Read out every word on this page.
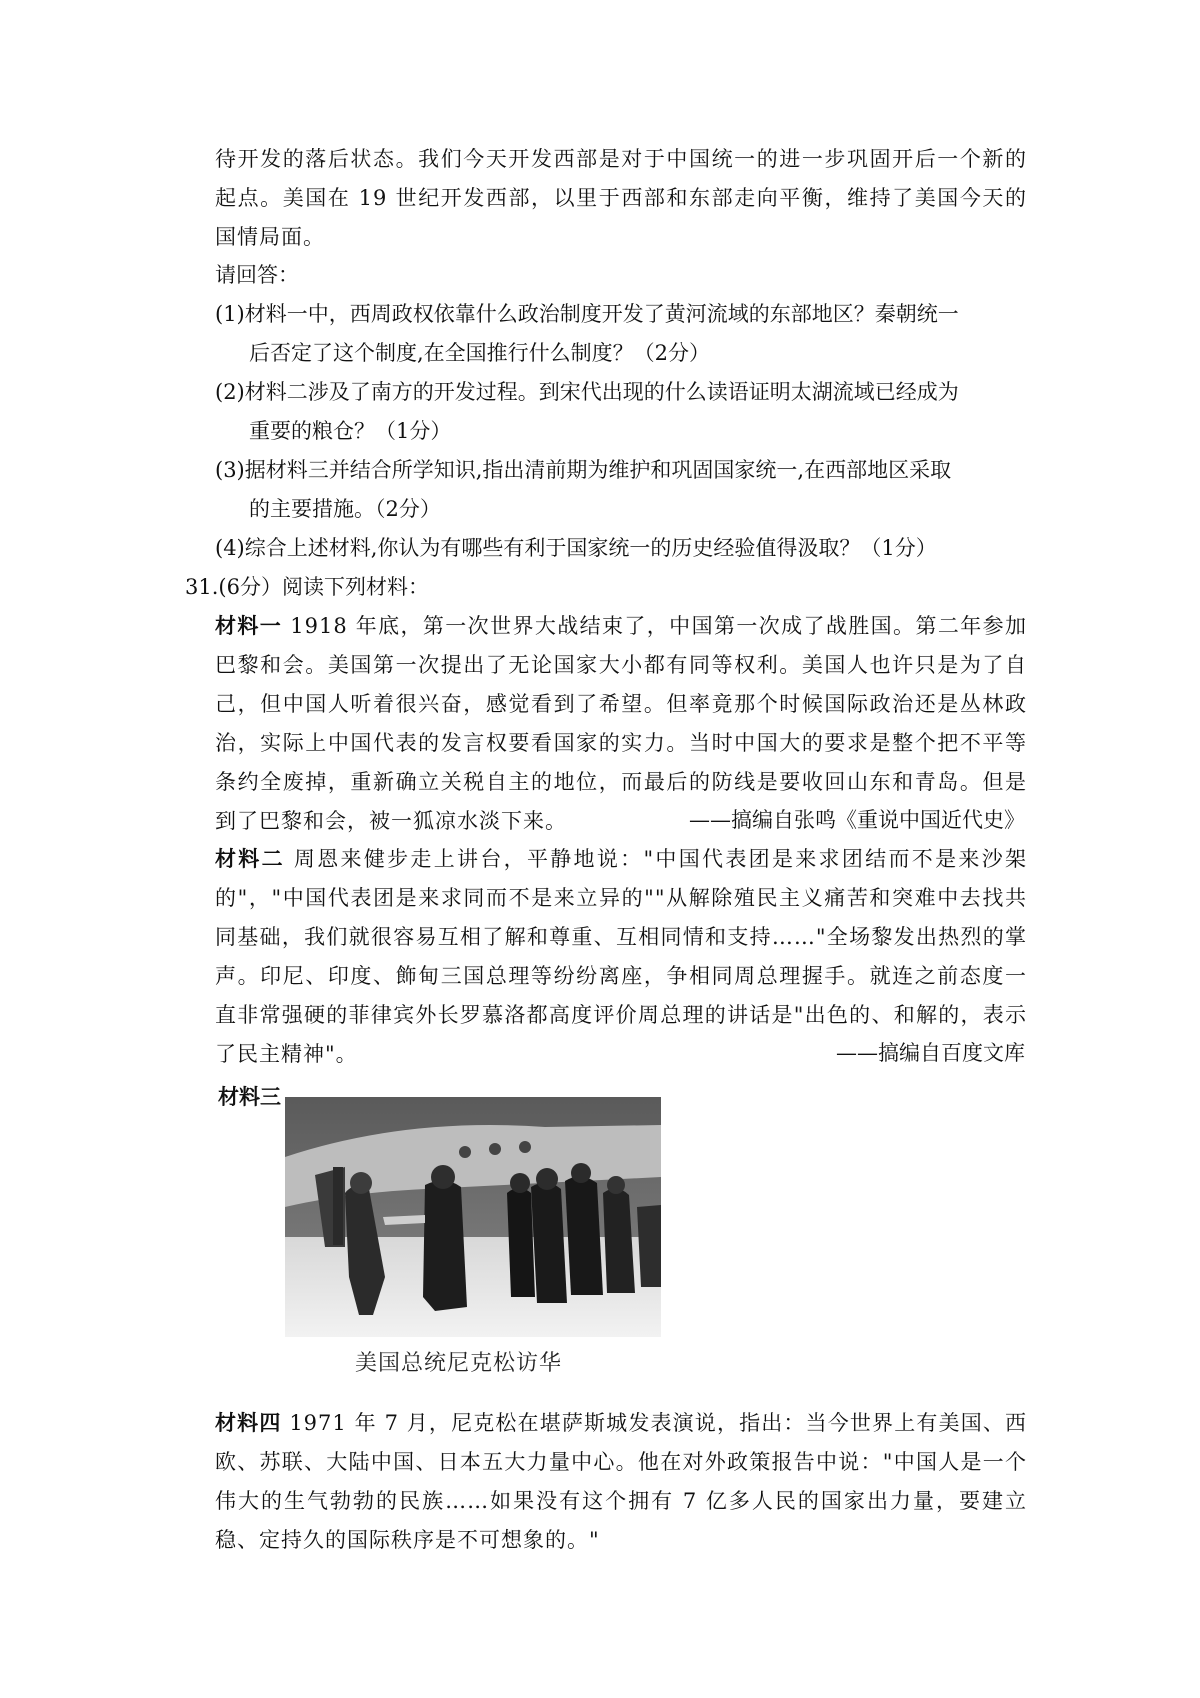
待开发的落后状态。我们今天开发西部是对于中国统一的进一步巩固开后一个新的起点。美国在 19 世纪开发西部，以里于西部和东部走向平衡，维持了美国今天的国情局面。
请回答：
(1)材料一中，西周政权依靠什么政治制度开发了黄河流域的东部地区？秦朝统一
后否定了这个制度,在全国推行什么制度？（2分）
(2)材料二涉及了南方的开发过程。到宋代出现的什么读语证明太湖流域已经成为
重要的粮仓？（1分）
(3)据材料三并结合所学知识,指出清前期为维护和巩固国家统一,在西部地区采取
的主要措施。（2分）
(4)综合上述材料,你认为有哪些有利于国家统一的历史经验值得汲取？（1分）
31.(6分）阅读下列材料：
材料一 1918 年底，第一次世界大战结束了，中国第一次成了战胜国。第二年参加巴黎和会。美国第一次提出了无论国家大小都有同等权利。美国人也许只是为了自己，但中国人听着很兴奋，感觉看到了希望。但率竟那个时候国际政治还是丛林政治，实际上中国代表的发言权要看国家的实力。当时中国大的要求是整个把不平等条约全废掉，重新确立关税自主的地位，而最后的防线是要收回山东和青岛。但是到了巴黎和会，被一狐凉水淡下来。	——搞编自张鸣《重说中国近代史》
材料二 周恩来健步走上讲台，平静地说："中国代表团是来求团结而不是来沙架的"，"中国代表团是来求同而不是来立异的""从解除殖民主义痛苦和突难中去找共同基础，我们就很容易互相了解和尊重、互相同情和支持……"全场黎发出热烈的掌声。印尼、印度、飾甸三国总理等纷纷离座，争相同周总理握手。就连之前态度一直非常强硬的菲律宾外长罗慕洛都高度评价周总理的讲话是"出色的、和解的，表示了民主精神"。	——搞编自百度文库
材料三
美国总统尼克松访华
材料四 1971 年 7 月，尼克松在堪萨斯城发表演说，指出：当今世界上有美国、西欧、苏联、大陆中国、日本五大力量中心。他在对外政策报告中说："中国人是一个伟大的生气勃勃的民族……如果没有这个拥有 7 亿多人民的国家出力量，要建立稳、定持久的国际秩序是不可想象的。"
